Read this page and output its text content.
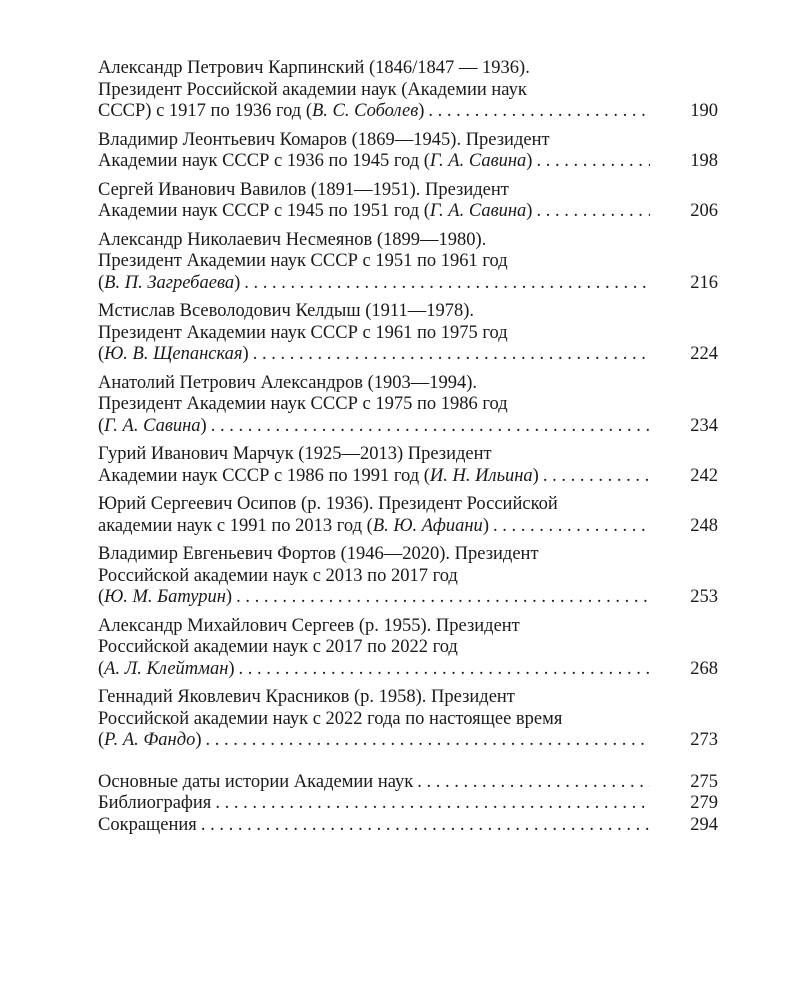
Александр Петрович Карпинский (1846/1847 — 1936).
Президент Российской академии наук (Академии наук
СССР) с 1917 по 1936 год (В. С. Соболев) . . .	190
Владимир Леонтьевич Комаров (1869—1945). Президент
Академии наук СССР с 1936 по 1945 год (Г. А. Савина) . . .	198
Сергей Иванович Вавилов (1891—1951). Президент
Академии наук СССР с 1945 по 1951 год (Г. А. Савина) . . .	206
Александр Николаевич Несмеянов (1899—1980).
Президент Академии наук СССР с 1951 по 1961 год
(В. П. Загребаева) . . .	216
Мстислав Всеволодович Келдыш (1911—1978).
Президент Академии наук СССР с 1961 по 1975 год
(Ю. В. Щепанская) . . .	224
Анатолий Петрович Александров (1903—1994).
Президент Академии наук СССР с 1975 по 1986 год
(Г. А. Савина) . . .	234
Гурий Иванович Марчук (1925—2013) Президент
Академии наук СССР с 1986 по 1991 год (И. Н. Ильина) . . .	242
Юрий Сергеевич Осипов (р. 1936). Президент Российской
академии наук с 1991 по 2013 год (В. Ю. Афиани) . . .	248
Владимир Евгеньевич Фортов (1946—2020). Президент
Российской академии наук с 2013 по 2017 год
(Ю. М. Батурин) . . .	253
Александр Михайлович Сергеев (р. 1955). Президент
Российской академии наук с 2017 по 2022 год
(А. Л. Клейтман) . . .	268
Геннадий Яковлевич Красников (р. 1958). Президент
Российской академии наук с 2022 года по настоящее время
(Р. А. Фандо) . . .	273
Основные даты истории Академии наук . . .	275
Библиография . . .	279
Сокращения . . .	294
